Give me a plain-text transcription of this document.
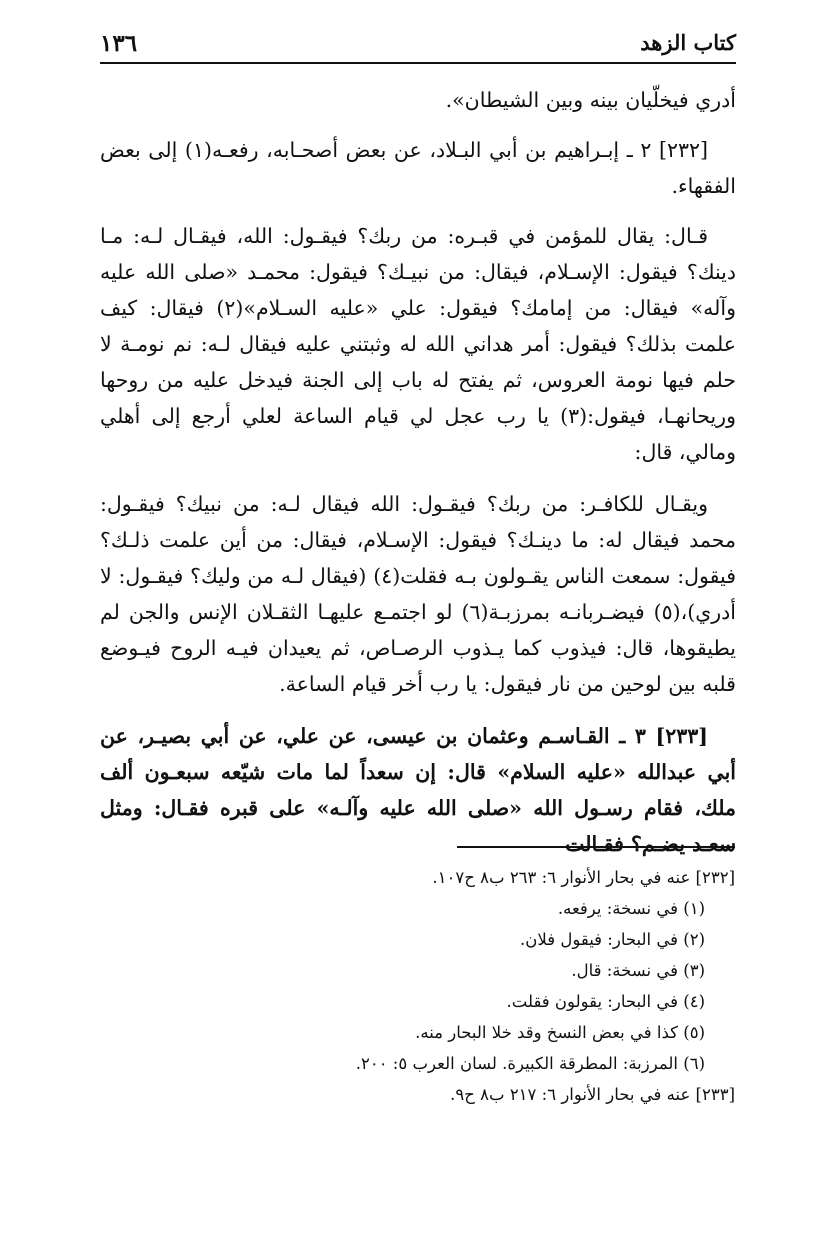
كتاب الزهد
١٣٦

أدري فيخلّيان بينه وبين الشيطان».

[٢٣٢] ٢ ـ إبـراهيم بن أبي البـلاد، عن بعض أصحـابه، رفعـه(١) إلى بعض الفقهاء.

قـال: يقال للمؤمن في قبـره: من ربك؟ فيقـول: الله، فيقـال لـه: مـا دينك؟ فيقول: الإسـلام، فيقال: من نبيـك؟ فيقول: محمـد «صلى الله عليه وآله» فيقال: من إمامك؟ فيقول: علي «عليه السـلام»(٢) فيقال: كيف علمت بذلك؟ فيقول: أمر هداني الله له وثبتني عليه فيقال لـه: نم نومـة لا حلم فيها نومة العروس، ثم يفتح له باب إلى الجنة فيدخل عليه من روحها وريحانهـا، فيقول:(٣) يا رب عجل لي قيام الساعة لعلي أرجع إلى أهلي ومالي، قال:

ويقـال للكافـر: من ربك؟ فيقـول: الله فيقال لـه: من نبيك؟ فيقـول: محمد فيقال له: ما دينـك؟ فيقول: الإسـلام، فيقال: من أين علمت ذلـك؟ فيقول: سمعت الناس يقـولون بـه فقلت(٤) (فيقال لـه من وليك؟ فيقـول: لا أدري)،(٥) فيضـربانـه بمرزبـة(٦) لو اجتمـع عليهـا الثقـلان الإنس والجن لم يطيقوها، قال: فيذوب كما يـذوب الرصـاص، ثم يعيدان فيـه الروح فيـوضع قلبه بين لوحين من نار فيقول: يا رب أخر قيام الساعة.

[٢٣٣] ٣ ـ القـاسـم وعثمان بن عيسى، عن علي، عن أبي بصيـر، عن أبي عبدالله «عليه السلام» قال: إن سعداً لما مات شيّعه سبعـون ألف ملك، فقام رسـول الله «صلى الله عليه وآلـه» على قبره فقـال: ومثل سعـد يضـم؟ فقـالت

[٢٣٢] عنه في بحار الأنوار ٦: ٢٦٣ ب٨ ح١٠٧.
(١) في نسخة: يرفعه.
(٢) في البحار: فيقول فلان.
(٣) في نسخة: قال.
(٤) في البحار: يقولون فقلت.
(٥) كذا في بعض النسخ وقد خلا البحار منه.
(٦) المرزبة: المطرقة الكبيرة. لسان العرب ٥: ٢٠٠.
[٢٣٣] عنه في بحار الأنوار ٦: ٢١٧ ب٨ ح٩.
